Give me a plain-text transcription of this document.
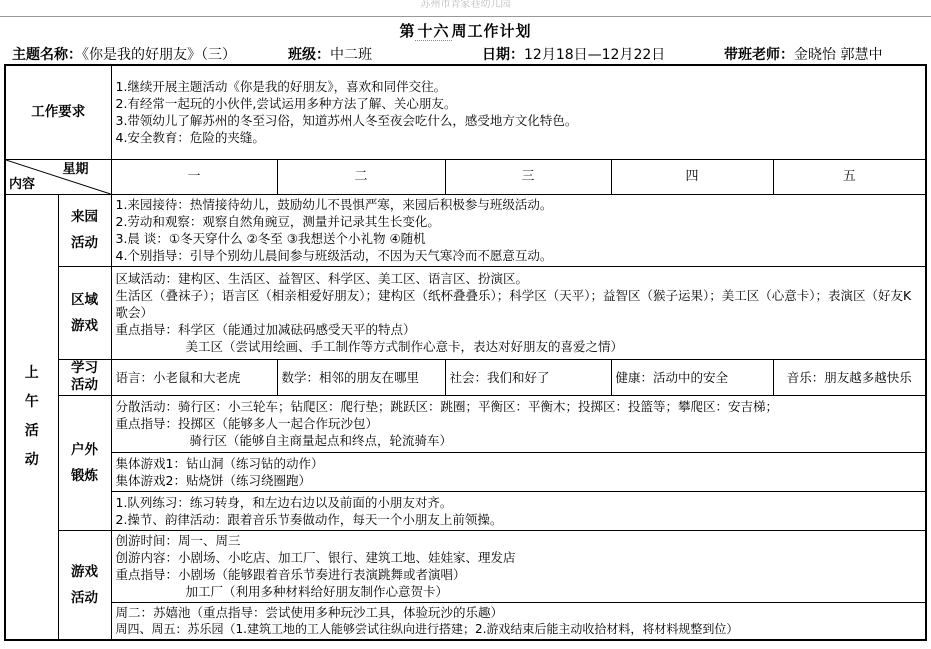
苏州市青家巷幼儿园
第 十六 周工作计划
主题名称：《你是我的好朋友》（三）	班级：中二班	日期：12月18日—12月22日	带班老师：金晓怡 郭慧中
工作要求		1.继续开展主题活动《你是我的好朋友》，喜欢和同伴交往。
2.有经常一起玩的小伙伴,尝试运用多种方法了解、关心朋友。
3.带领幼儿了解苏州的冬至习俗，知道苏州人冬至夜会吃什么，感受地方文化特色。
4.安全教育：危险的夹缝。				

星期
内容		一	二	三	四	五

上
午
活
动	来园
活动	1.来园接待：热情接待幼儿，鼓励幼儿不畏惧严寒，来园后积极参与班级活动。
2.劳动和观察：观察自然角豌豆，测量并记录其生长变化。
3.晨 谈：①冬天穿什么 ②冬至 ③我想送个小礼物 ④随机
4.个别指导：引导个别幼儿晨间参与班级活动，不因为天气寒冷而不愿意互动。				

	区域
游戏	区域活动：建构区、生活区、益智区、科学区、美工区、语言区、扮演区。
生活区（叠袜子）；语言区（相亲相爱好朋友）；建构区（纸杯叠叠乐）；科学区（天平）；益智区（猴子运果）；美工区（心意卡）；表演区（好友K歌会）
重点指导：科学区（能通过加减砝码感受天平的特点）
美工区（尝试用绘画、手工制作等方式制作心意卡，表达对好朋友的喜爱之情）				

	学习
活动	语言：小老鼠和大老虎	数学：相邻的朋友在哪里	社会：我们和好了	健康：活动中的安全	音乐：朋友越多越快乐

	户外
锻炼	分散活动：骑行区：小三轮车；钻爬区：爬行垫；跳跃区：跳圈；平衡区：平衡木；投掷区：投篮等；攀爬区：安吉梯；
重点指导：投掷区（能够多人一起合作玩沙包）
骑行区（能够自主商量起点和终点，轮流骑车）				

		集体游戏1：钻山洞（练习钻的动作）
集体游戏2：贴烧饼（练习绕圈跑）				

		1.队列练习：练习转身，和左边右边以及前面的小朋友对齐。
2.操节、韵律活动：跟着音乐节奏做动作，每天一个小朋友上前领操。				

	游戏
活动	创游时间：周一、周三
创游内容：小剧场、小吃店、加工厂、银行、建筑工地、娃娃家、理发店
重点指导：小剧场（能够跟着音乐节奏进行表演跳舞或者演唱）
加工厂（利用多种材料给好朋友制作心意贺卡）				

		周二：苏嬉池（重点指导：尝试使用多种玩沙工具，体验玩沙的乐趣）
周四、周五：苏乐园（1.建筑工地的工人能够尝试往纵向进行搭建；2.游戏结束后能主动收拾材料，将材料规整到位）				
